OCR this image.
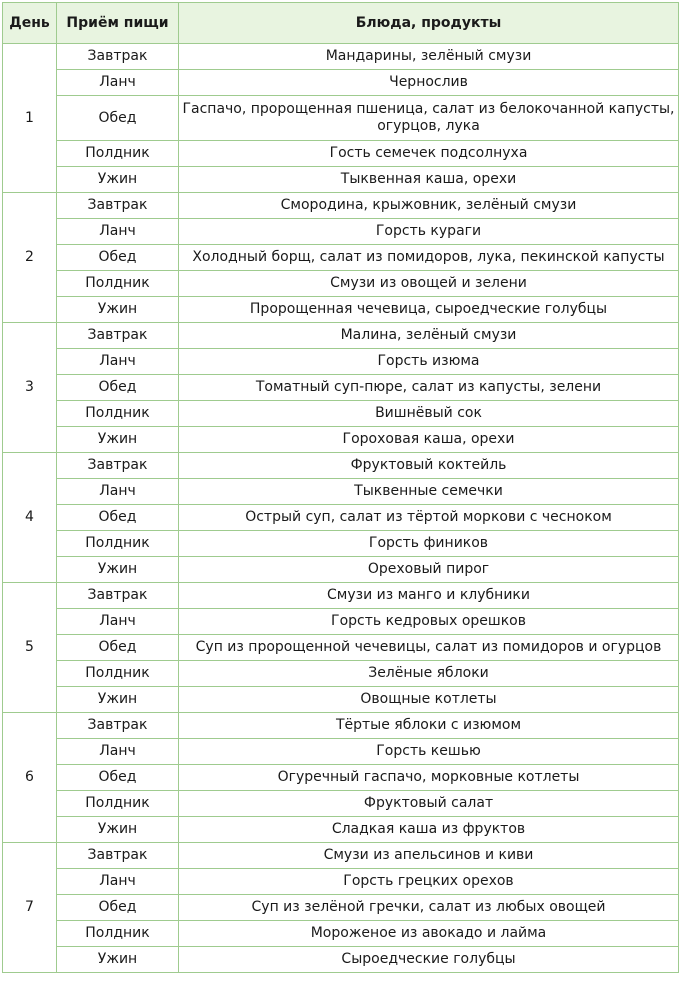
День	Приём пищи	Блюда, продукты
1	Завтрак	Мандарины, зелёный смузи
	Ланч	Чернослив
	Обед	Гаспачо, пророщенная пшеница, салат из белокочанной капусты, огурцов, лука
	Полдник	Гость семечек подсолнуха
	Ужин	Тыквенная каша, орехи
2	Завтрак	Смородина, крыжовник, зелёный смузи
	Ланч	Горсть кураги
	Обед	Холодный борщ, салат из помидоров, лука, пекинской капусты
	Полдник	Смузи из овощей и зелени
	Ужин	Пророщенная чечевица, сыроедческие голубцы
3	Завтрак	Малина, зелёный смузи
	Ланч	Горсть изюма
	Обед	Томатный суп-пюре, салат из капусты, зелени
	Полдник	Вишнёвый сок
	Ужин	Гороховая каша, орехи
4	Завтрак	Фруктовый коктейль
	Ланч	Тыквенные семечки
	Обед	Острый суп, салат из тёртой моркови с чесноком
	Полдник	Горсть фиников
	Ужин	Ореховый пирог
5	Завтрак	Смузи из манго и клубники
	Ланч	Горсть кедровых орешков
	Обед	Суп из пророщенной чечевицы, салат из помидоров и огурцов
	Полдник	Зелёные яблоки
	Ужин	Овощные котлеты
6	Завтрак	Тёртые яблоки с изюмом
	Ланч	Горсть кешью
	Обед	Огуречный гаспачо, морковные котлеты
	Полдник	Фруктовый салат
	Ужин	Сладкая каша из фруктов
7	Завтрак	Смузи из апельсинов и киви
	Ланч	Горсть грецких орехов
	Обед	Суп из зелёной гречки, салат из любых овощей
	Полдник	Мороженое из авокадо и лайма
	Ужин	Сыроедческие голубцы
